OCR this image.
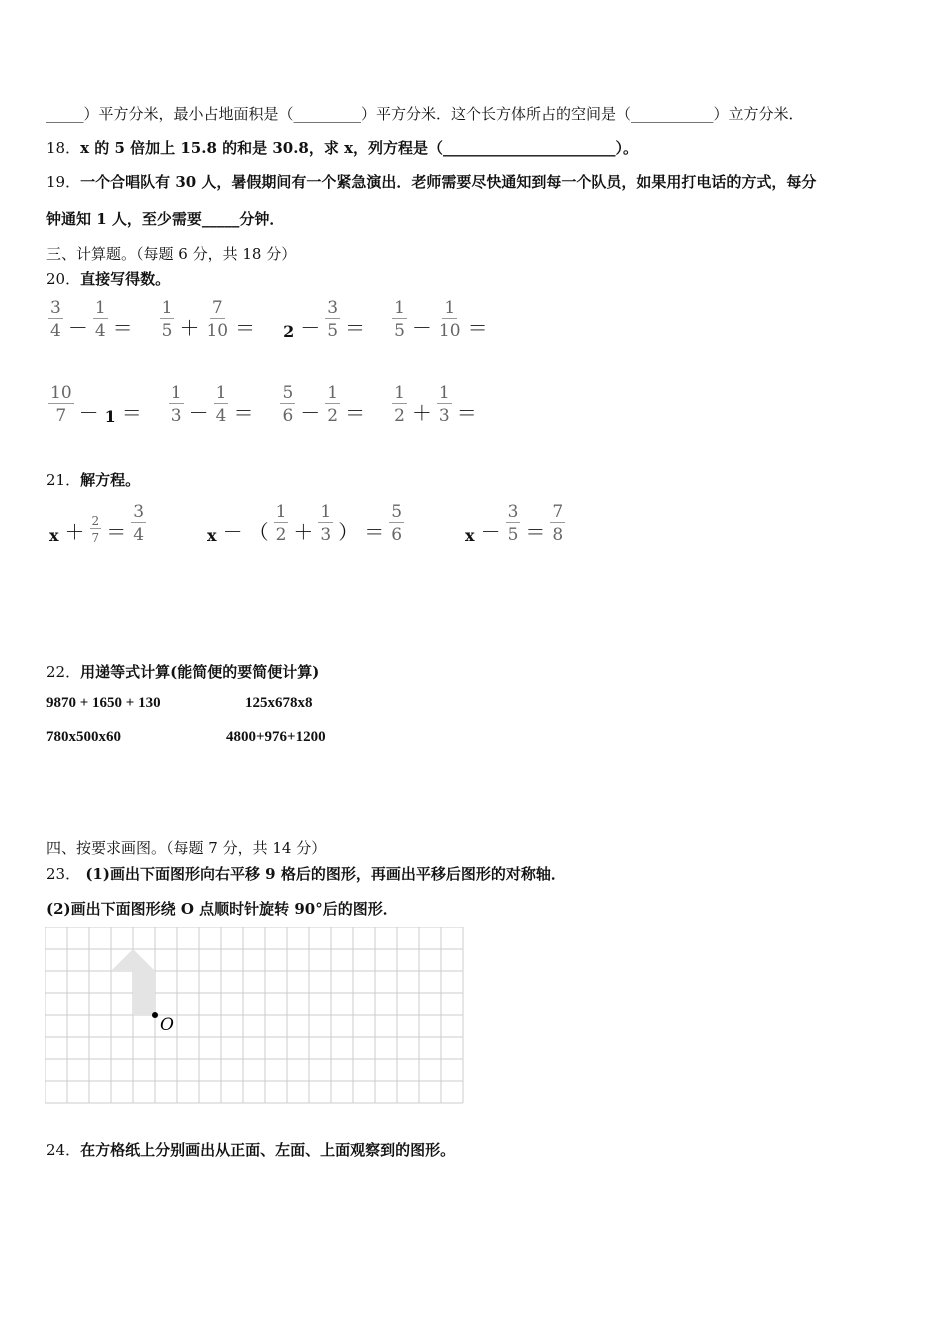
_____）平方分米，最小占地面积是（_________）平方分米．这个长方体所占的空间是（___________）立方分米．
18．x 的 5 倍加上 15.8 的和是 30.8，求 x，列方程是（_______________________）。
19．一个合唱队有 30 人，暑假期间有一个紧急演出．老师需要尽快通知到每一个队员，如果用打电话的方式，每分
钟通知 1 人，至少需要_____分钟．
三、计算题。（每题 6 分，共 18 分）
20．直接写得数。
$\frac{3}{4} - \frac{1}{4} = \frac{1}{5} + \frac{7}{10} = 2 - \frac{3}{5} = \frac{1}{5} - \frac{1}{10}$ ＝
$\frac{10}{7} - 1 = \frac{1}{3} - \frac{1}{4} = \frac{5}{6} - \frac{1}{2} = \frac{1}{2} + \frac{1}{3}$ ＝
21．解方程。
$x + \frac{2}{7} = \frac{3}{4}$	x － （ $\frac{1}{2} + \frac{1}{3}$ ） ＝ $\frac{5}{6}$	$x - \frac{3}{5} = \frac{7}{8}$
22．用递等式计算(能简便的要简便计算)
9870 + 1650 + 130	125x678x8
780x500x60	4800+976+1200
四、按要求画图。（每题 7 分，共 14 分）
23． (1)画出下面图形向右平移 9 格后的图形，再画出平移后图形的对称轴．
(2)画出下面图形绕 O 点顺时针旋转 90°后的图形．
O
24．在方格纸上分别画出从正面、左面、上面观察到的图形。
